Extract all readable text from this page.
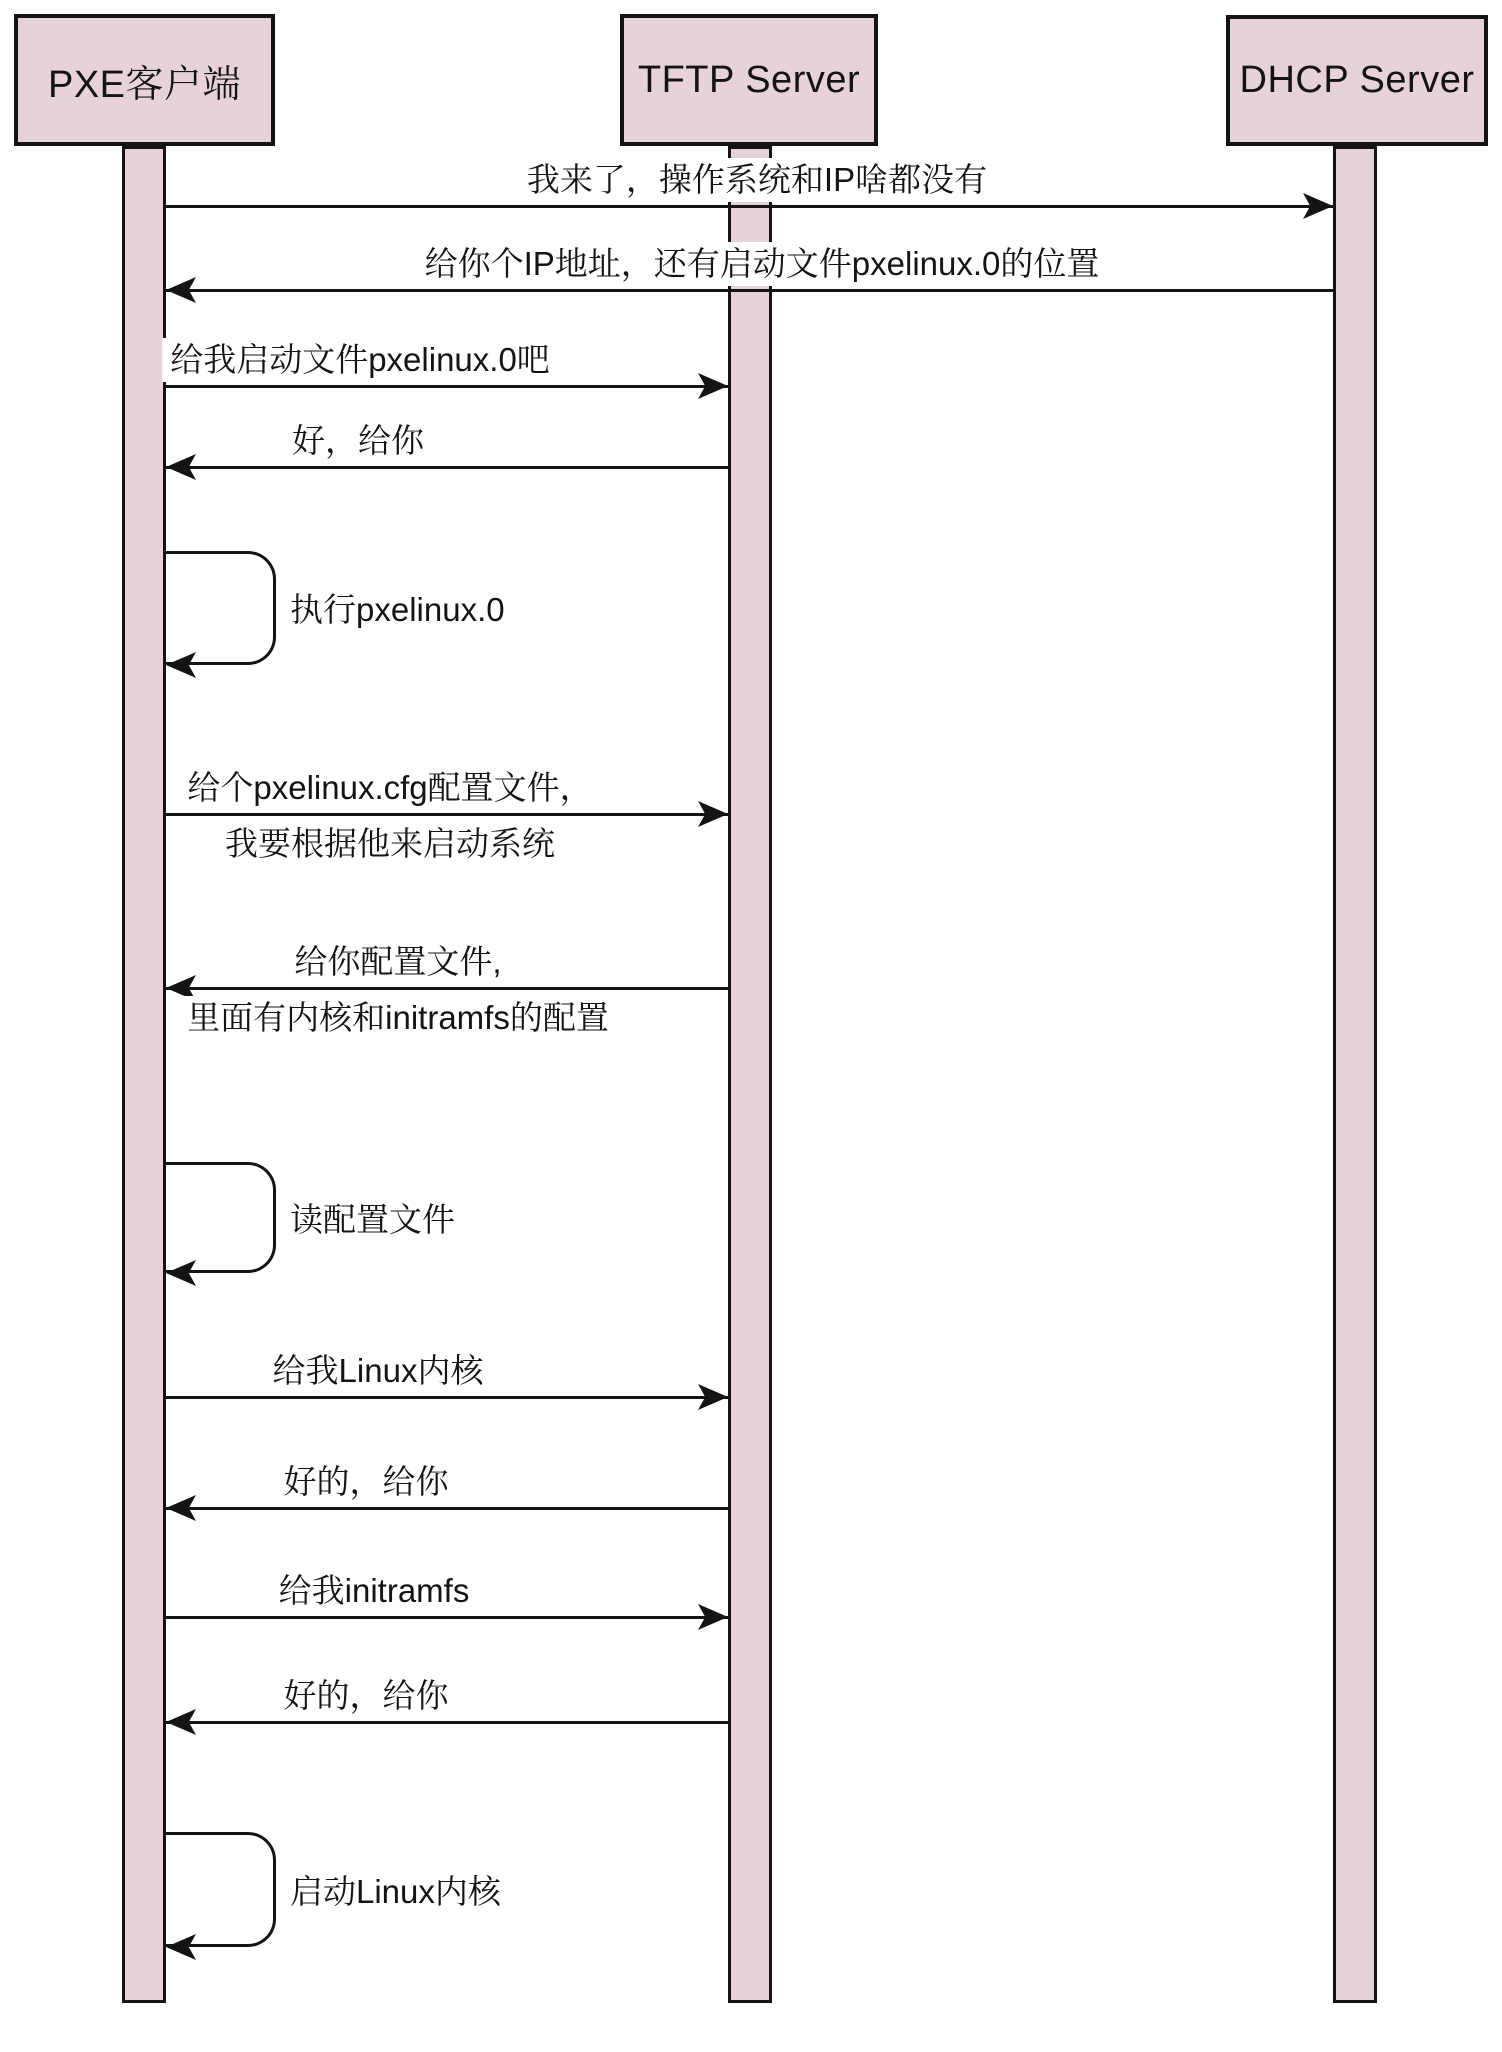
PXE客户端	TFTP Server	DHCP Server
我来了，操作系统和IP啥都没有
给你个IP地址，还有启动文件pxelinux.0的位置
给我启动文件pxelinux.0吧
好，给你
执行pxelinux.0
给个pxelinux.cfg配置文件，
我要根据他来启动系统
给你配置文件,
里面有内核和initramfs的配置
读配置文件
给我Linux内核
好的，给你
给我initramfs
好的，给你
启动Linux内核
